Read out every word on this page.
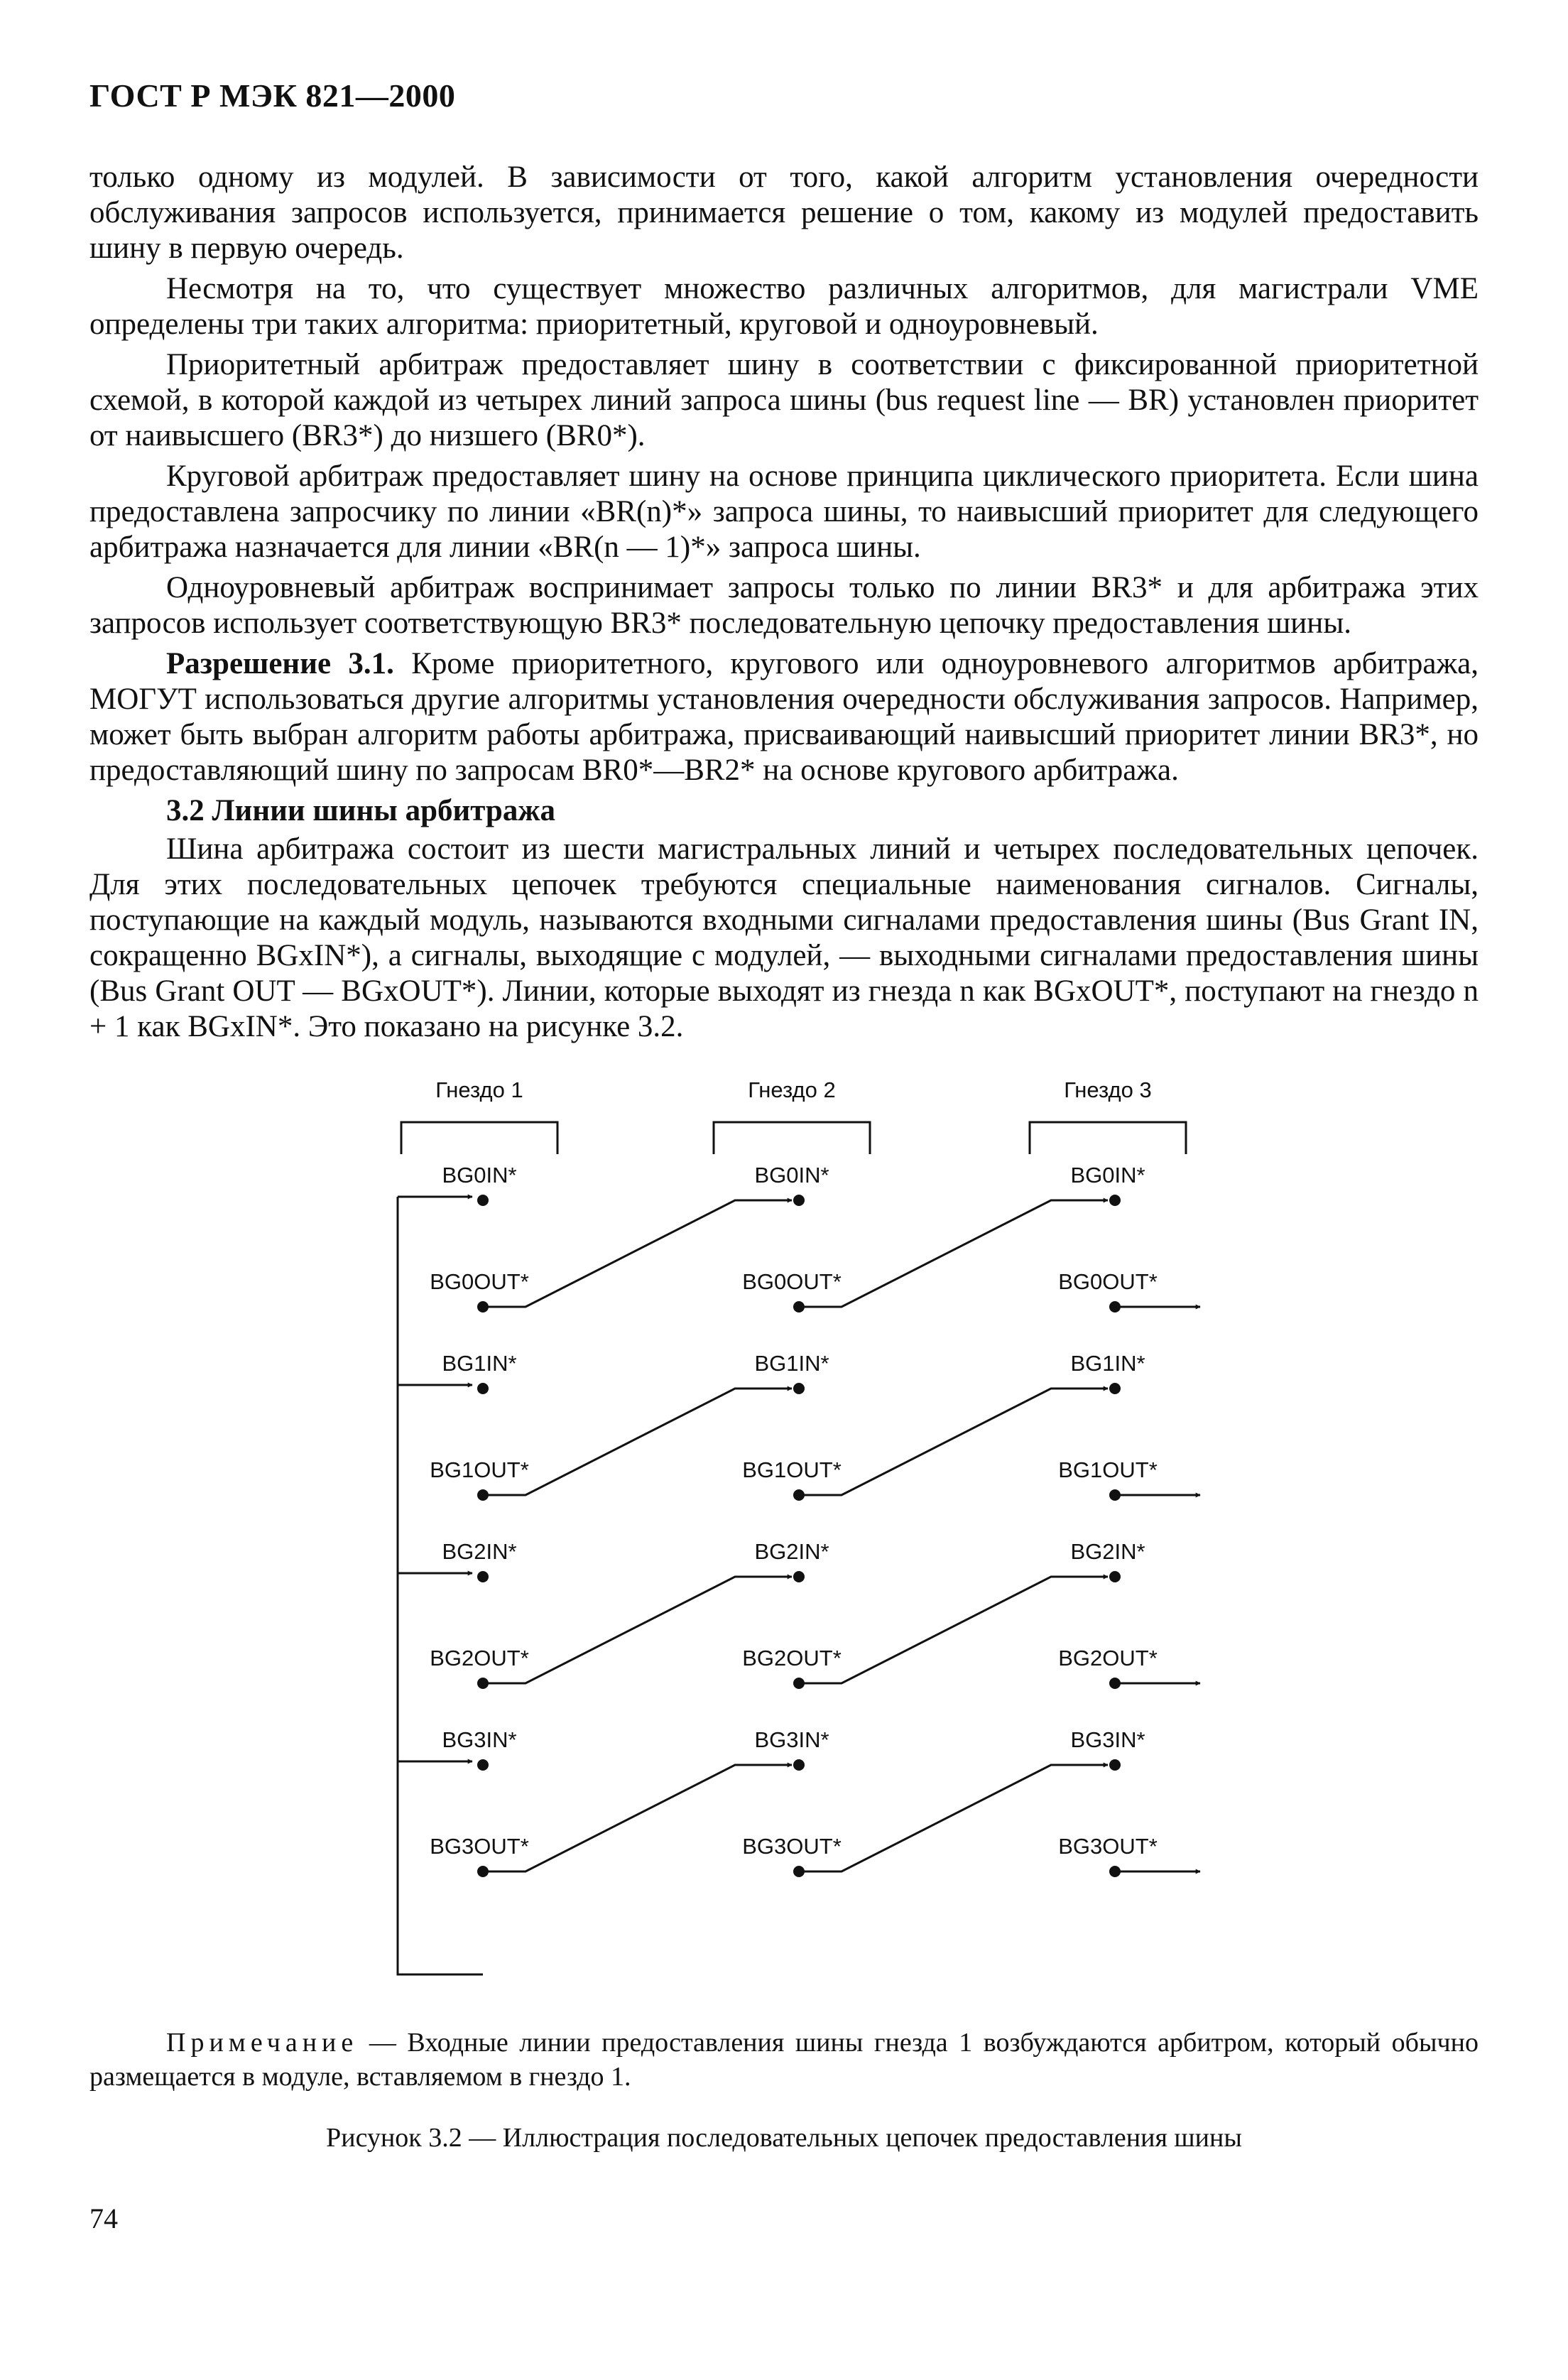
ГОСТ Р МЭК 821—2000

только одному из модулей. В зависимости от того, какой алгоритм установления очередности обслуживания запросов используется, принимается решение о том, какому из модулей предоставить шину в первую очередь.

Несмотря на то, что существует множество различных алгоритмов, для магистрали VME определены три таких алгоритма: приоритетный, круговой и одноуровневый.

Приоритетный арбитраж предоставляет шину в соответствии с фиксированной приоритетной схемой, в которой каждой из четырех линий запроса шины (bus request line — BR) установлен приоритет от наивысшего (BR3*) до низшего (BR0*).

Круговой арбитраж предоставляет шину на основе принципа циклического приоритета. Если шина предоставлена запросчику по линии «BR(n)*» запроса шины, то наивысший приоритет для следующего арбитража назначается для линии «BR(n — 1)*» запроса шины.

Одноуровневый арбитраж воспринимает запросы только по линии BR3* и для арбитража этих запросов использует соответствующую BR3* последовательную цепочку предоставления шины.

Разрешение 3.1. Кроме приоритетного, кругового или одноуровневого алгоритмов арбитража, МОГУТ использоваться другие алгоритмы установления очередности обслуживания запросов. Например, может быть выбран алгоритм работы арбитража, присваивающий наивысший приоритет линии BR3*, но предоставляющий шину по запросам BR0*—BR2* на основе кругового арбитража.

3.2 Линии шины арбитража

Шина арбитража состоит из шести магистральных линий и четырех последовательных цепочек. Для этих последовательных цепочек требуются специальные наименования сигналов. Сигналы, поступающие на каждый модуль, называются входными сигналами предоставления шины (Bus Grant IN, сокращенно BGxIN*), а сигналы, выходящие с модулей, — выходными сигналами предоставления шины (Bus Grant OUT — BGxOUT*). Линии, которые выходят из гнезда n как BGxOUT*, поступают на гнездо n + 1 как BGxIN*. Это показано на рисунке 3.2.

Гнездо 1	Гнездо 2	Гнездо 3
BG0IN*
BG0OUT*
BG0IN*
BG0OUT*
BG0IN*
BG0OUT*
BG1IN*
BG1OUT*
BG1IN*
BG1OUT*
BG1IN*
BG1OUT*
BG2IN*
BG2OUT*
BG2IN*
BG2OUT*
BG2IN*
BG2OUT*
BG3IN*
BG3OUT*
BG3IN*
BG3OUT*
BG3IN*
BG3OUT*
Примечание — Входные линии предоставления шины гнезда 1 возбуждаются арбитром, который обычно размещается в модуле, вставляемом в гнездо 1.
Рисунок 3.2 — Иллюстрация последовательных цепочек предоставления шины
74
